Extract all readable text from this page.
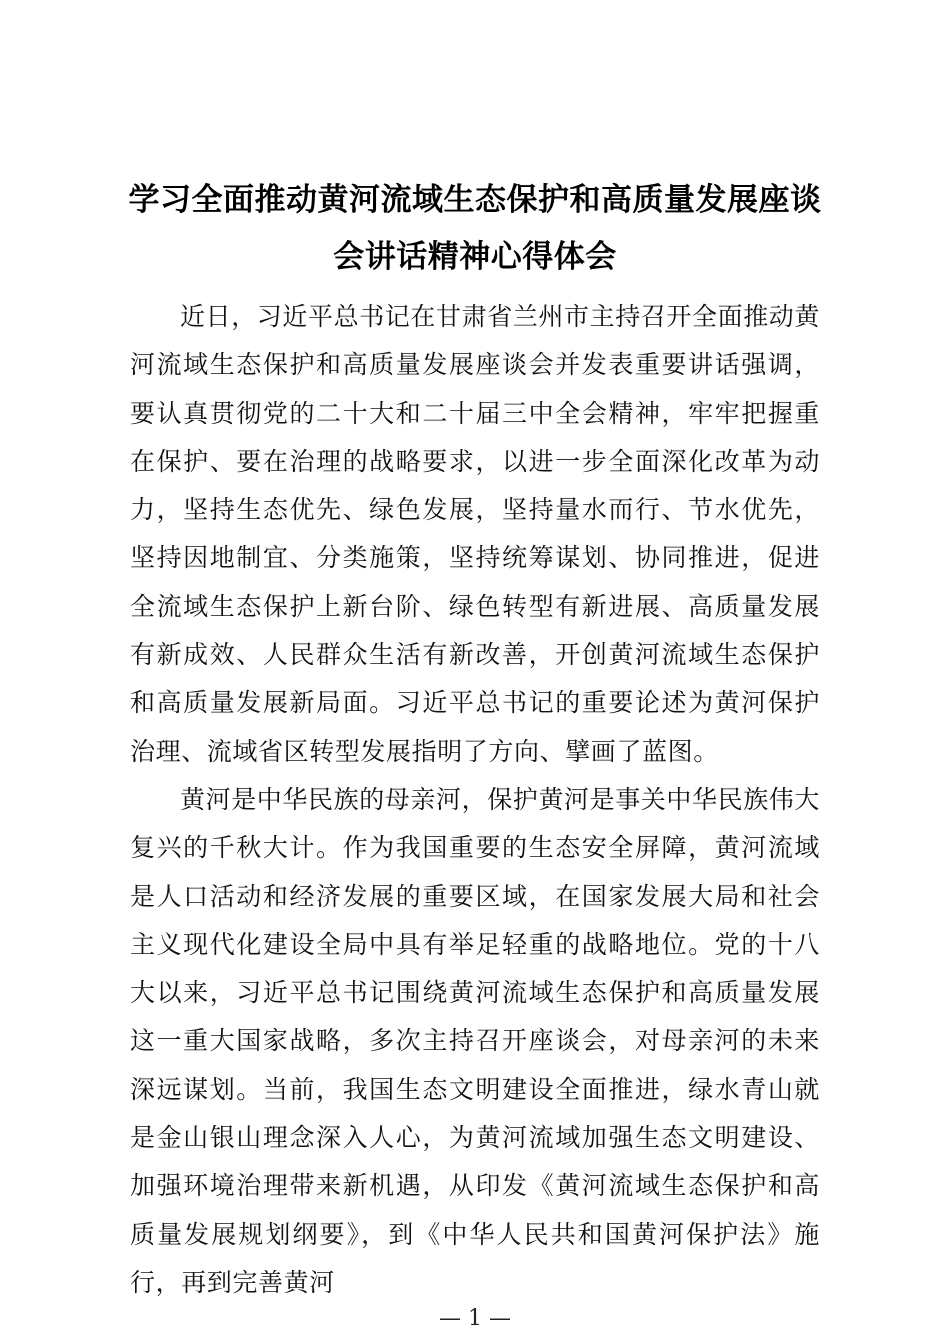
学习全面推动黄河流域生态保护和高质量发展座谈会讲话精神心得体会

近日，习近平总书记在甘肃省兰州市主持召开全面推动黄河流域生态保护和高质量发展座谈会并发表重要讲话强调，要认真贯彻党的二十大和二十届三中全会精神，牢牢把握重在保护、要在治理的战略要求，以进一步全面深化改革为动力，坚持生态优先、绿色发展，坚持量水而行、节水优先，坚持因地制宜、分类施策，坚持统筹谋划、协同推进，促进全流域生态保护上新台阶、绿色转型有新进展、高质量发展有新成效、人民群众生活有新改善，开创黄河流域生态保护和高质量发展新局面。习近平总书记的重要论述为黄河保护治理、流域省区转型发展指明了方向、擘画了蓝图。

黄河是中华民族的母亲河，保护黄河是事关中华民族伟大复兴的千秋大计。作为我国重要的生态安全屏障，黄河流域是人口活动和经济发展的重要区域，在国家发展大局和社会主义现代化建设全局中具有举足轻重的战略地位。党的十八大以来，习近平总书记围绕黄河流域生态保护和高质量发展这一重大国家战略，多次主持召开座谈会，对母亲河的未来深远谋划。当前，我国生态文明建设全面推进，绿水青山就是金山银山理念深入人心，为黄河流域加强生态文明建设、加强环境治理带来新机遇，从印发《黄河流域生态保护和高质量发展规划纲要》，到《中华人民共和国黄河保护法》施行，再到完善黄河

— 1 —
